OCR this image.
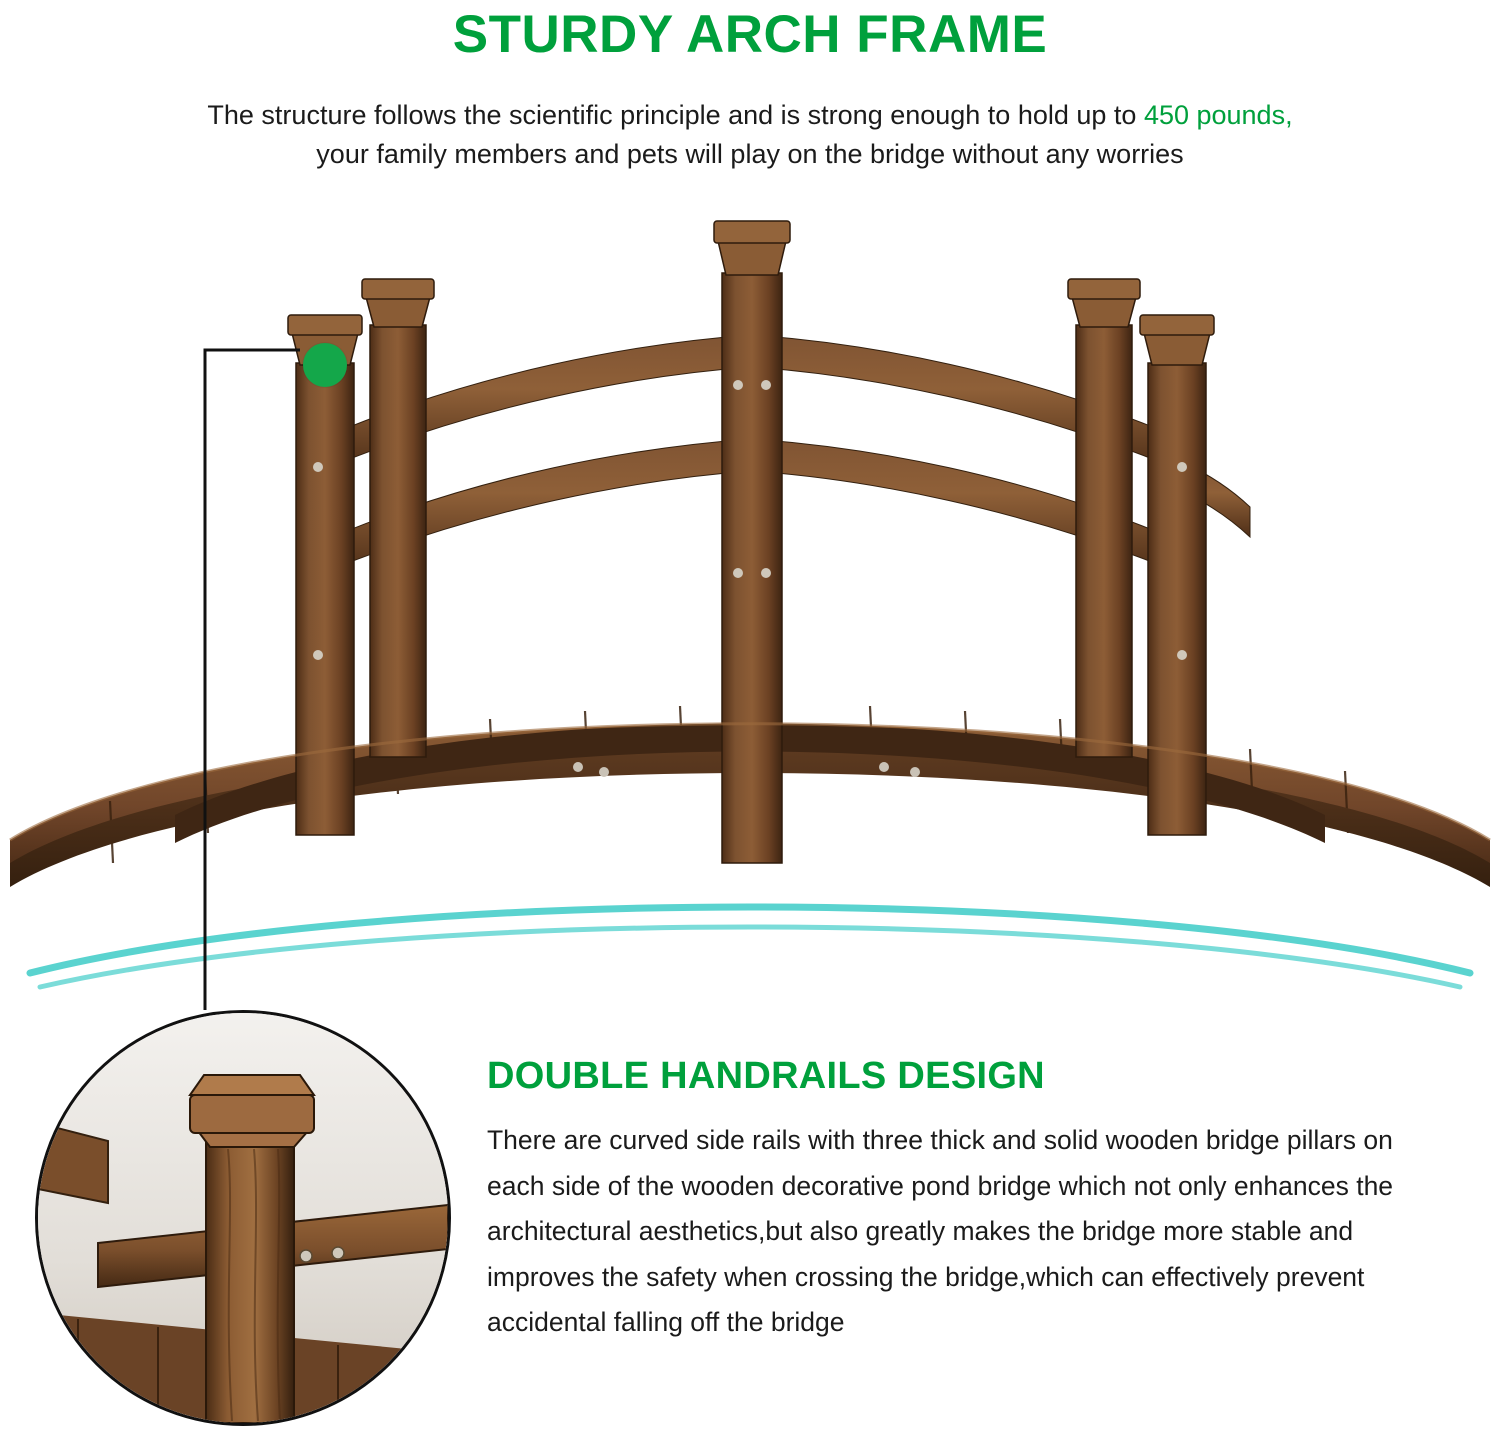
STURDY ARCH FRAME
The structure follows the scientific principle and is strong enough to hold up to 450 pounds,
your family members and pets will play on the bridge without any worries
DOUBLE HANDRAILS DESIGN
There are curved side rails with three thick and solid wooden bridge pillars on each side of the wooden decorative pond bridge which not only enhances the architectural aesthetics,but also greatly makes the bridge more stable and improves the safety when crossing the bridge,which can effectively prevent accidental falling off the bridge
